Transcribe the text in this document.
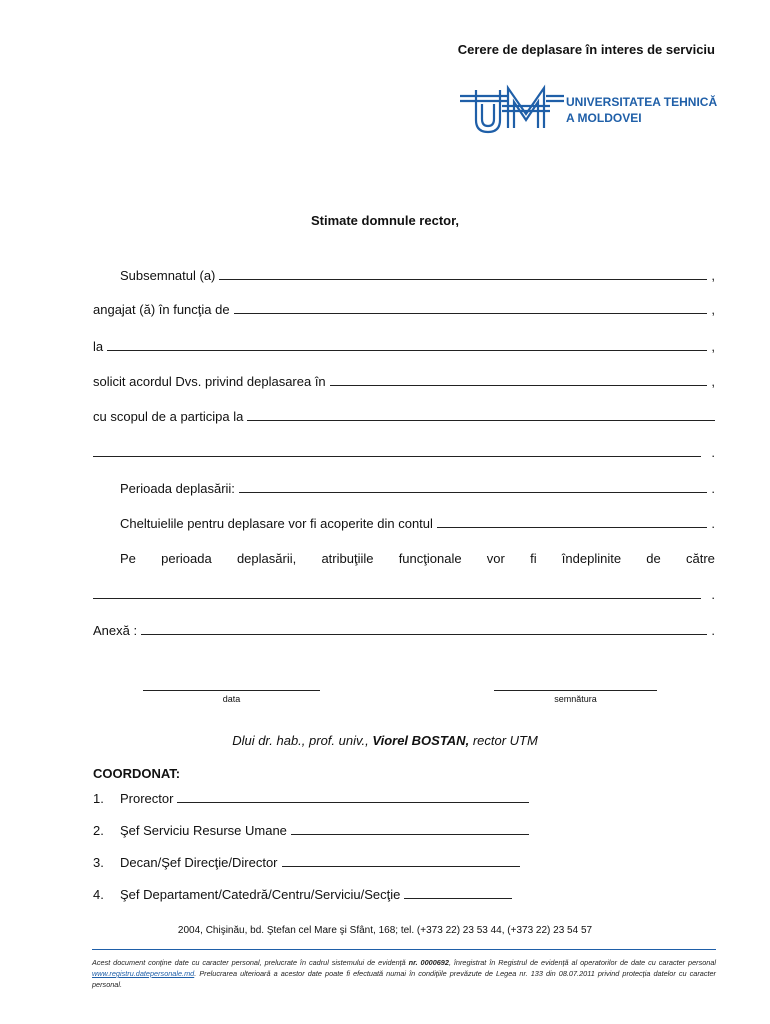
Cerere de deplasare în interes de serviciu
UNIVERSITATEA TEHNICĂ
A MOLDOVEI
Stimate domnule rector,
Subsemnatul (a)	,
angajat (ă) în funcţia de	,
la	,
solicit acordul Dvs. privind deplasarea în	,
cu scopul de a participa la
.
Perioada deplasării:	.
Cheltuielile pentru deplasare vor fi acoperite din contul	.
Pe perioada deplasării, atribuţiile funcţionale vor fi îndeplinite de către
.
Anexă :	.
data	semnătura
Dlui dr. hab., prof. univ., Viorel BOSTAN, rector UTM
COORDONAT:
1.	Prorector
2.	Şef Serviciu Resurse Umane
3.	Decan/Şef Direcţie/Director
4.	Şef Departament/Catedră/Centru/Serviciu/Secţie
2004, Chişinău, bd. Ştefan cel Mare şi Sfânt, 168; tel. (+373 22) 23 53 44, (+373 22) 23 54 57
Acest document conţine date cu caracter personal, prelucrate în cadrul sistemului de evidenţă nr. 0000692, înregistrat în Registrul de evidenţă al operatorilor de date cu caracter personal www.registru.datepersonale.md. Prelucrarea ulterioară a acestor date poate fi efectuată numai în condiţiile prevăzute de Legea nr. 133 din 08.07.2011 privind protecţia datelor cu caracter personal.
